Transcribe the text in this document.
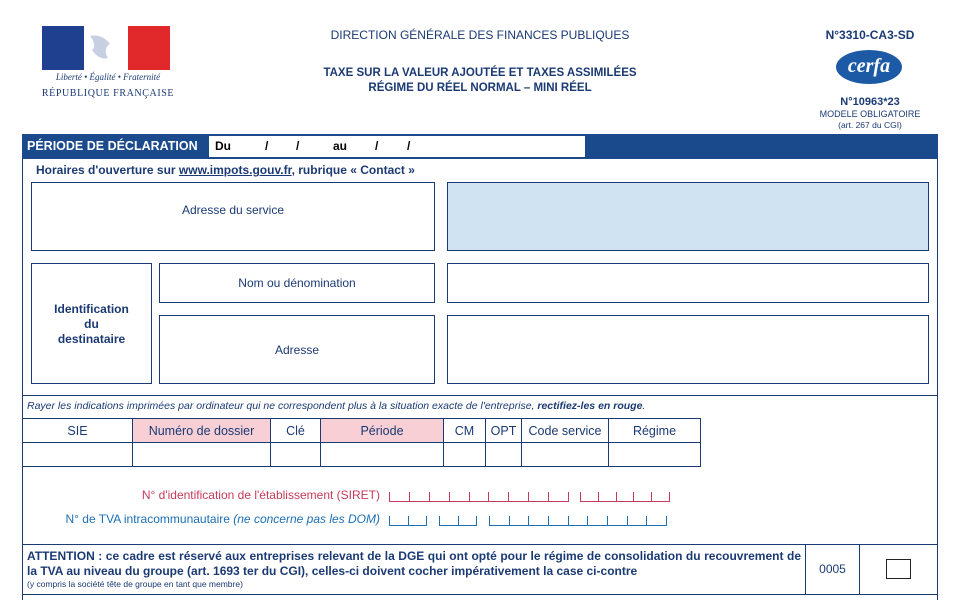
Liberté • Égalité • Fraternité
RÉPUBLIQUE FRANÇAISE
DIRECTION GÉNÉRALE DES FINANCES PUBLIQUES
TAXE SUR LA VALEUR AJOUTÉE ET TAXES ASSIMILÉES
RÉGIME DU RÉEL NORMAL – MINI RÉEL
N°3310-CA3-SD
cerfa
N°10963*23
MODELE OBLIGATOIRE
(art. 267 du CGI)
PÉRIODE DE DÉCLARATION Du	/ /	au / /
Horaires d'ouverture sur www.impots.gouv.fr, rubrique « Contact »
Adresse du service
Identification
du
destinataire
Nom ou dénomination
Adresse
Rayer les indications imprimées par ordinateur qui ne correspondent plus à la situation exacte de l'entreprise, rectifiez-les en rouge.
SIE	Numéro de dossier	Clé	Période	CM	OPT	Code service	Régime

N° d'identification de l'établissement (SIRET)
N° de TVA intracommunautaire (ne concerne pas les DOM)
ATTENTION : ce cadre est réservé aux entreprises relevant de la DGE qui ont opté pour le régime de consolidation du recouvrement de la TVA au niveau du groupe (art. 1693 ter du CGI), celles-ci doivent cocher impérativement la case ci-contre
(y compris la société tête de groupe en tant que membre)
0005
